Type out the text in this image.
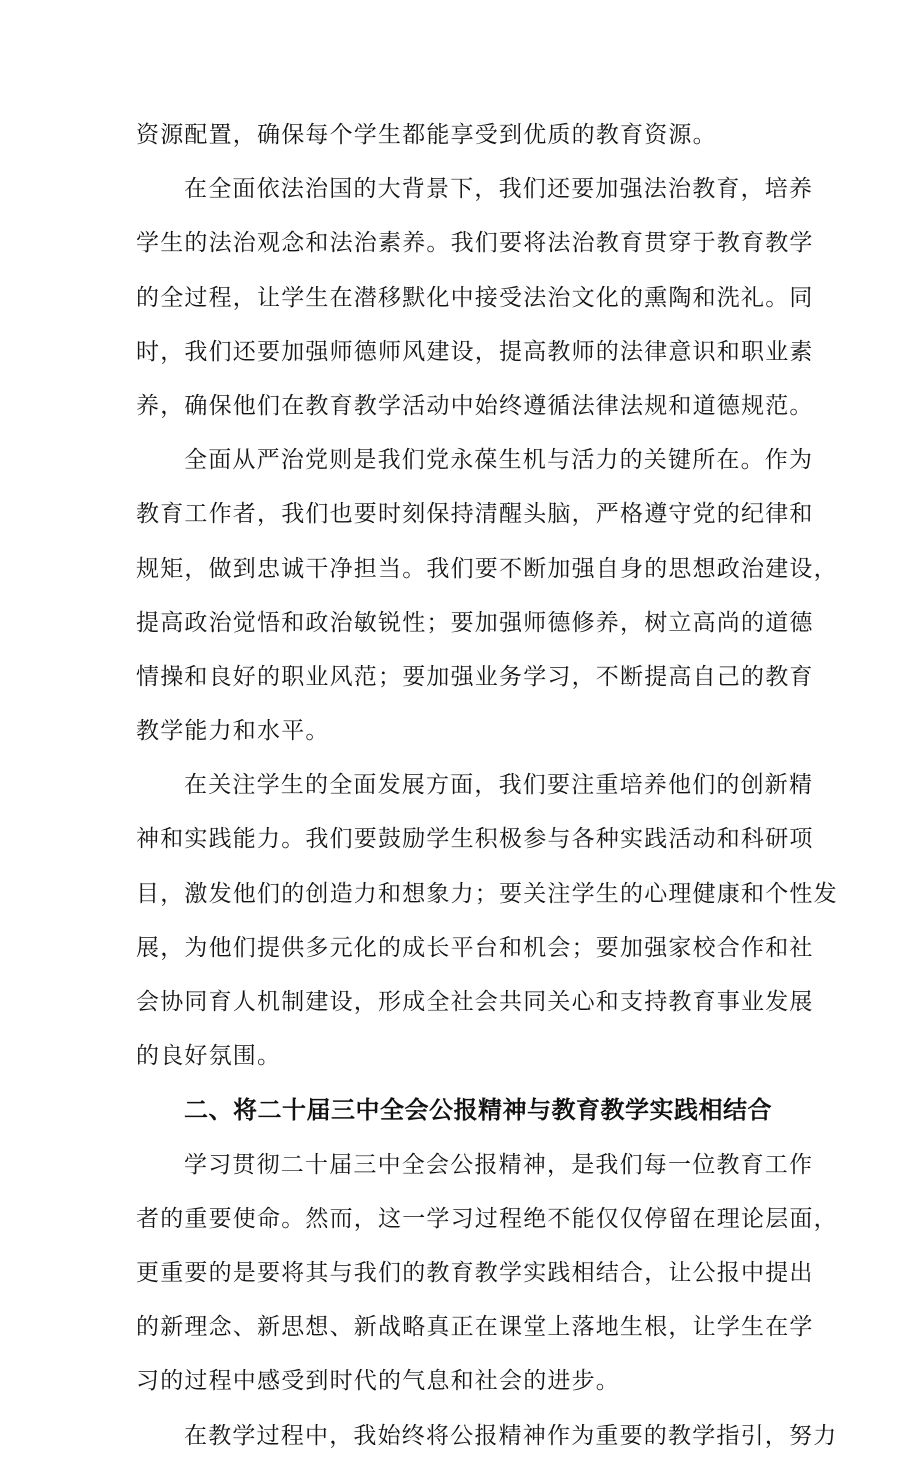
资源配置，确保每个学生都能享受到优质的教育资源。
在全面依法治国的大背景下，我们还要加强法治教育，培养
学生的法治观念和法治素养。我们要将法治教育贯穿于教育教学
的全过程，让学生在潜移默化中接受法治文化的熏陶和洗礼。同
时，我们还要加强师德师风建设，提高教师的法律意识和职业素
养，确保他们在教育教学活动中始终遵循法律法规和道德规范。
全面从严治党则是我们党永葆生机与活力的关键所在。作为
教育工作者，我们也要时刻保持清醒头脑，严格遵守党的纪律和
规矩，做到忠诚干净担当。我们要不断加强自身的思想政治建设，
提高政治觉悟和政治敏锐性；要加强师德修养，树立高尚的道德
情操和良好的职业风范；要加强业务学习，不断提高自己的教育
教学能力和水平。
在关注学生的全面发展方面，我们要注重培养他们的创新精
神和实践能力。我们要鼓励学生积极参与各种实践活动和科研项
目，激发他们的创造力和想象力；要关注学生的心理健康和个性发
展，为他们提供多元化的成长平台和机会；要加强家校合作和社
会协同育人机制建设，形成全社会共同关心和支持教育事业发展
的良好氛围。
二、将二十届三中全会公报精神与教育教学实践相结合
学习贯彻二十届三中全会公报精神，是我们每一位教育工作
者的重要使命。然而，这一学习过程绝不能仅仅停留在理论层面，
更重要的是要将其与我们的教育教学实践相结合，让公报中提出
的新理念、新思想、新战略真正在课堂上落地生根，让学生在学
习的过程中感受到时代的气息和社会的进步。
在教学过程中，我始终将公报精神作为重要的教学指引，努力
